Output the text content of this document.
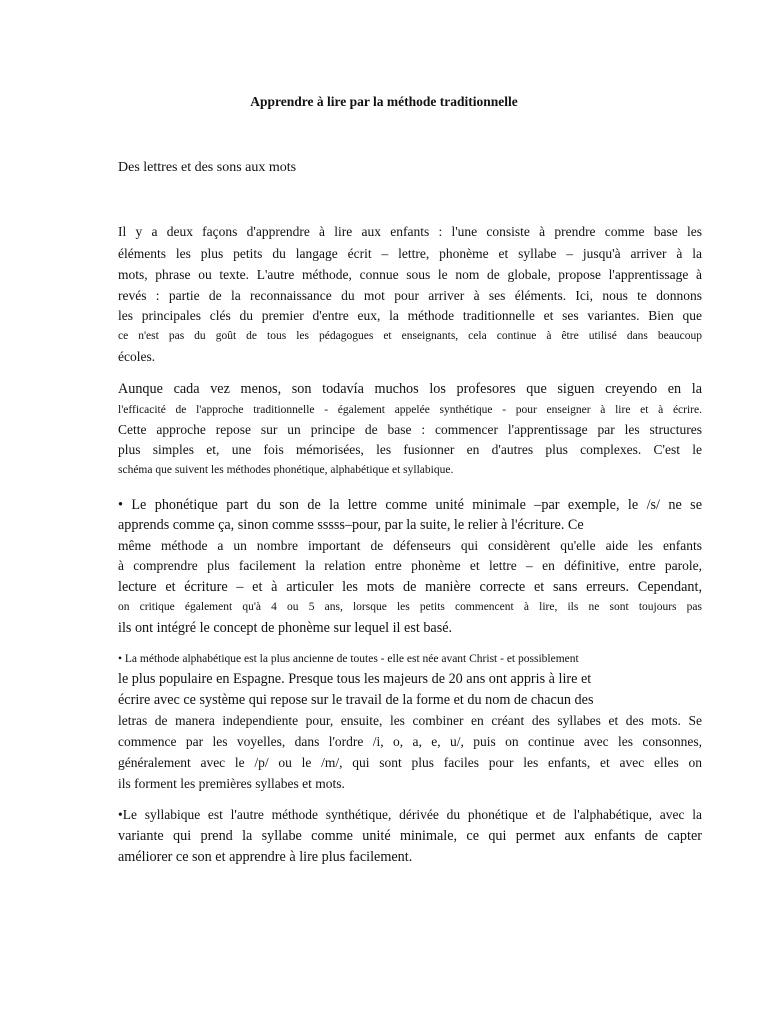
Apprendre à lire par la méthode traditionnelle
Des lettres et des sons aux mots
Il y a deux façons d'apprendre à lire aux enfants : l'une consiste à prendre comme base les
éléments les plus petits du langage écrit – lettre, phonème et syllabe – jusqu'à arriver à la
mots, phrase ou texte. L'autre méthode, connue sous le nom de globale, propose l'apprentissage à
revés : partie de la reconnaissance du mot pour arriver à ses éléments. Ici, nous te donnons
les principales clés du premier d'entre eux, la méthode traditionnelle et ses variantes. Bien que
ce n'est pas du goût de tous les pédagogues et enseignants, cela continue à être utilisé dans beaucoup
écoles.
Aunque cada vez menos, son todavía muchos los profesores que siguen creyendo en la
l'efficacité de l'approche traditionnelle - également appelée synthétique - pour enseigner à lire et à écrire.
Cette approche repose sur un principe de base : commencer l'apprentissage par les structures
plus simples et, une fois mémorisées, les fusionner en d'autres plus complexes. C'est le
schéma que suivent les méthodes phonétique, alphabétique et syllabique.
• Le phonétique part du son de la lettre comme unité minimale –par exemple, le /s/ ne se
apprends comme ça, sinon comme sssss–pour, par la suite, le relier à l'écriture. Ce
même méthode a un nombre important de défenseurs qui considèrent qu'elle aide les enfants
à comprendre plus facilement la relation entre phonème et lettre – en définitive, entre parole,
lecture et écriture – et à articuler les mots de manière correcte et sans erreurs. Cependant,
on critique également qu'à 4 ou 5 ans, lorsque les petits commencent à lire, ils ne sont toujours pas
ils ont intégré le concept de phonème sur lequel il est basé.
• La méthode alphabétique est la plus ancienne de toutes - elle est née avant Christ - et possiblement
le plus populaire en Espagne. Presque tous les majeurs de 20 ans ont appris à lire et
écrire avec ce système qui repose sur le travail de la forme et du nom de chacun des
letras de manera independiente pour, ensuite, les combiner en créant des syllabes et des mots. Se
commence par les voyelles, dans l'ordre /i, o, a, e, u/, puis on continue avec les consonnes,
généralement avec le /p/ ou le /m/, qui sont plus faciles pour les enfants, et avec elles on
ils forment les premières syllabes et mots.
•Le syllabique est l'autre méthode synthétique, dérivée du phonétique et de l'alphabétique, avec la
variante qui prend la syllabe comme unité minimale, ce qui permet aux enfants de capter
améliorer ce son et apprendre à lire plus facilement.
